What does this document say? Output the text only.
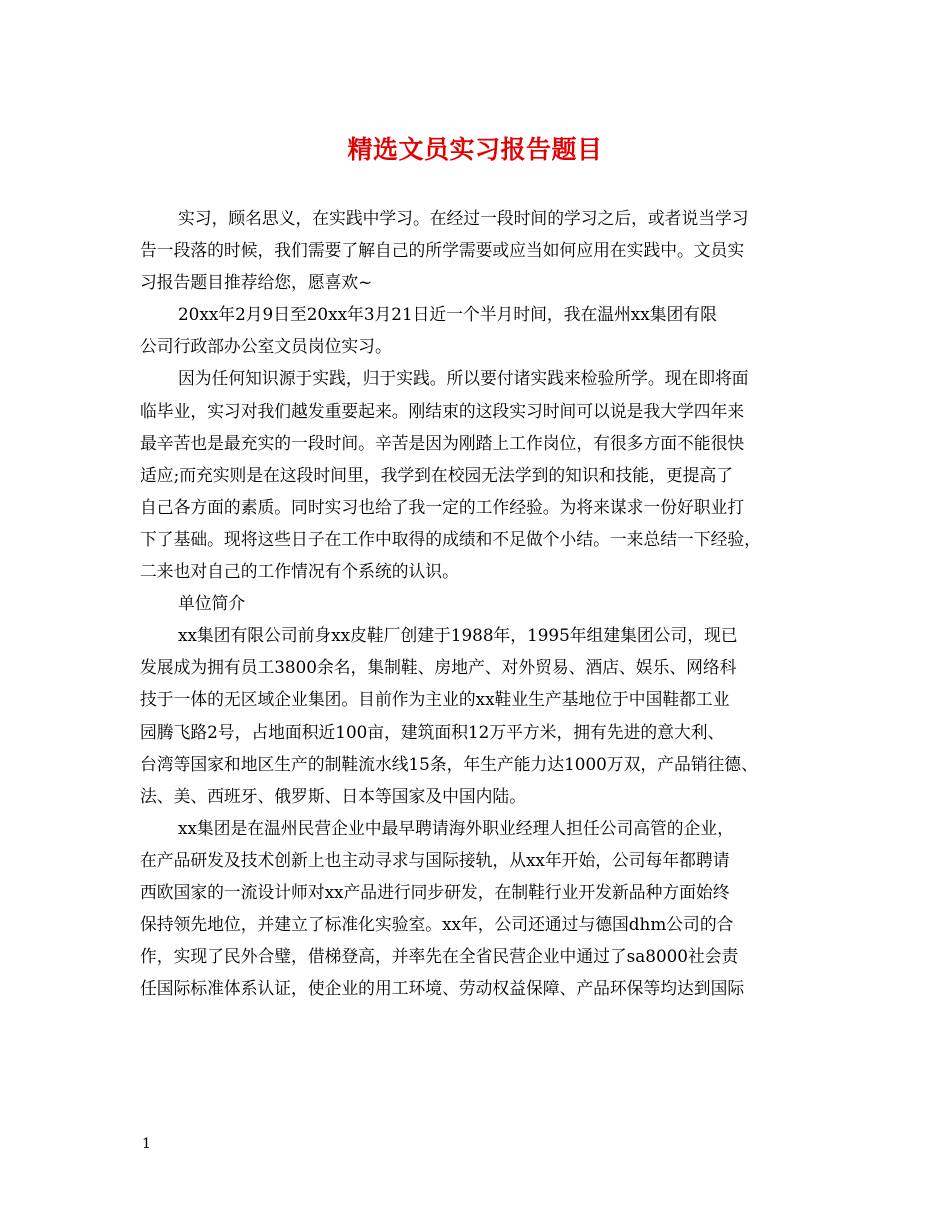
精选文员实习报告题目
实习，顾名思义，在实践中学习。在经过一段时间的学习之后，或者说当学习
告一段落的时候，我们需要了解自己的所学需要或应当如何应用在实践中。文员实
习报告题目推荐给您，愿喜欢~
20xx年2月9日至20xx年3月21日近一个半月时间，我在温州xx集团有限
公司行政部办公室文员岗位实习。
因为任何知识源于实践，归于实践。所以要付诸实践来检验所学。现在即将面
临毕业，实习对我们越发重要起来。刚结束的这段实习时间可以说是我大学四年来
最辛苦也是最充实的一段时间。辛苦是因为刚踏上工作岗位，有很多方面不能很快
适应;而充实则是在这段时间里，我学到在校园无法学到的知识和技能，更提高了
自己各方面的素质。同时实习也给了我一定的工作经验。为将来谋求一份好职业打
下了基础。现将这些日子在工作中取得的成绩和不足做个小结。一来总结一下经验，
二来也对自己的工作情况有个系统的认识。
单位简介
xx集团有限公司前身xx皮鞋厂创建于1988年，1995年组建集团公司，现已
发展成为拥有员工3800余名，集制鞋、房地产、对外贸易、酒店、娱乐、网络科
技于一体的无区域企业集团。目前作为主业的xx鞋业生产基地位于中国鞋都工业
园腾飞路2号，占地面积近100亩，建筑面积12万平方米，拥有先进的意大利、
台湾等国家和地区生产的制鞋流水线15条，年生产能力达1000万双，产品销往德、
法、美、西班牙、俄罗斯、日本等国家及中国内陆。
xx集团是在温州民营企业中最早聘请海外职业经理人担任公司高管的企业，
在产品研发及技术创新上也主动寻求与国际接轨，从xx年开始，公司每年都聘请
西欧国家的一流设计师对xx产品进行同步研发，在制鞋行业开发新品种方面始终
保持领先地位，并建立了标准化实验室。xx年，公司还通过与德国dhm公司的合
作，实现了民外合璧，借梯登高，并率先在全省民营企业中通过了sa8000社会责
任国际标准体系认证，使企业的用工环境、劳动权益保障、产品环保等均达到国际
1
